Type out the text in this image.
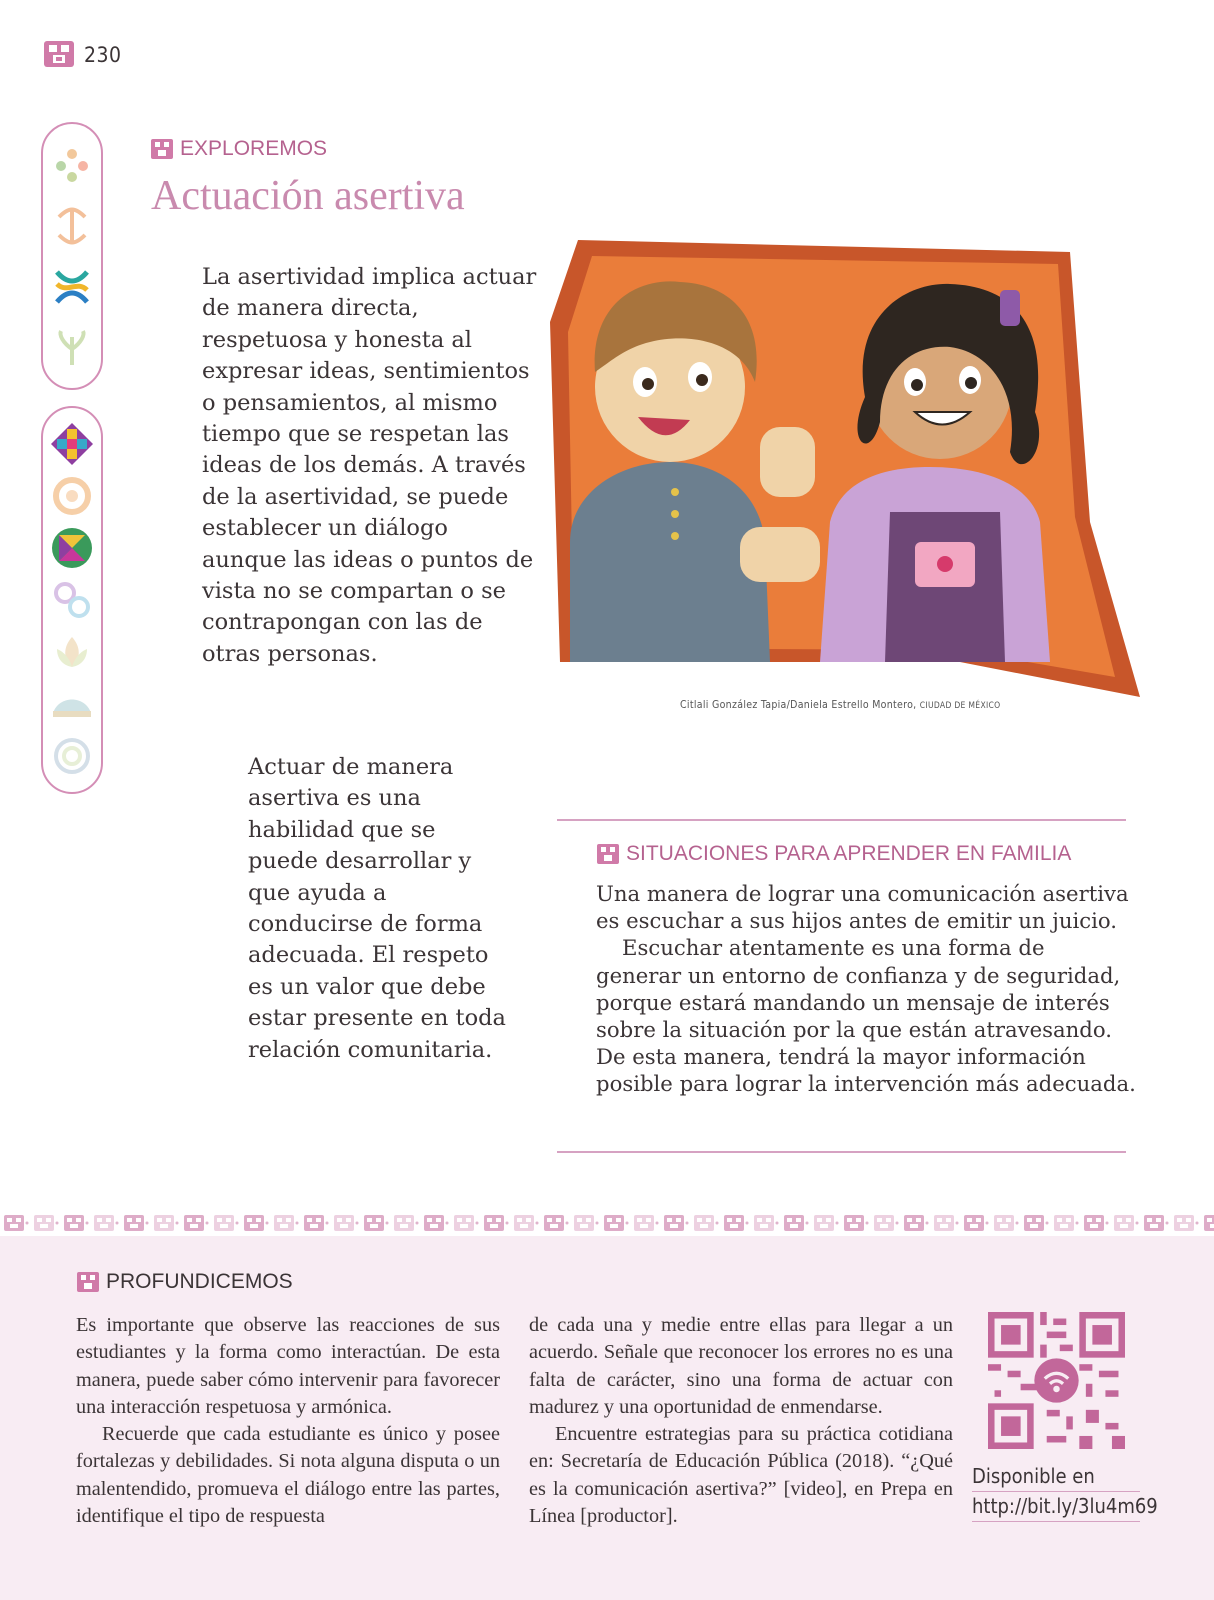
230
EXPLOREMOS
Actuación asertiva
La asertividad implica actuar de manera directa, respetuosa y honesta al expresar ideas, sentimientos o pensamientos, al mismo tiempo que se respetan las ideas de los demás. A través de la asertividad, se puede establecer un diálogo aunque las ideas o puntos de vista no se compartan o se contrapongan con las de otras personas.
Actuar de manera asertiva es una habilidad que se puede desarrollar y que ayuda a conducirse de forma adecuada. El respeto es un valor que debe estar presente en toda relación comunitaria.
Citlali González Tapia/Daniela Estrello Montero, CIUDAD DE MÉXICO
SITUACIONES PARA APRENDER EN FAMILIA

Una manera de lograr una comunicación asertiva es escuchar a sus hijos antes de emitir un juicio.

Escuchar atentamente es una forma de generar un entorno de confianza y de seguridad, porque estará mandando un mensaje de interés sobre la situación por la que están atravesando. De esta manera, tendrá la mayor información posible para lograr la intervención más adecuada.

PROFUNDICEMOS

Es importante que observe las reacciones de sus estudiantes y la forma como interactúan. De esta manera, puede saber cómo intervenir para favorecer una interacción respetuosa y armónica.

Recuerde que cada estudiante es único y posee fortalezas y debilidades. Si nota alguna disputa o un malentendido, promueva el diálogo entre las partes, identifique el tipo de respuesta

de cada una y medie entre ellas para llegar a un acuerdo. Señale que reconocer los errores no es una falta de carácter, sino una forma de actuar con madurez y una oportunidad de enmendarse.

Encuentre estrategias para su práctica cotidiana en: Secretaría de Educación Pública (2018). “¿Qué es la comunicación asertiva?” [video], en Prepa en Línea [productor].

Disponible en
http://bit.ly/3lu4m69
